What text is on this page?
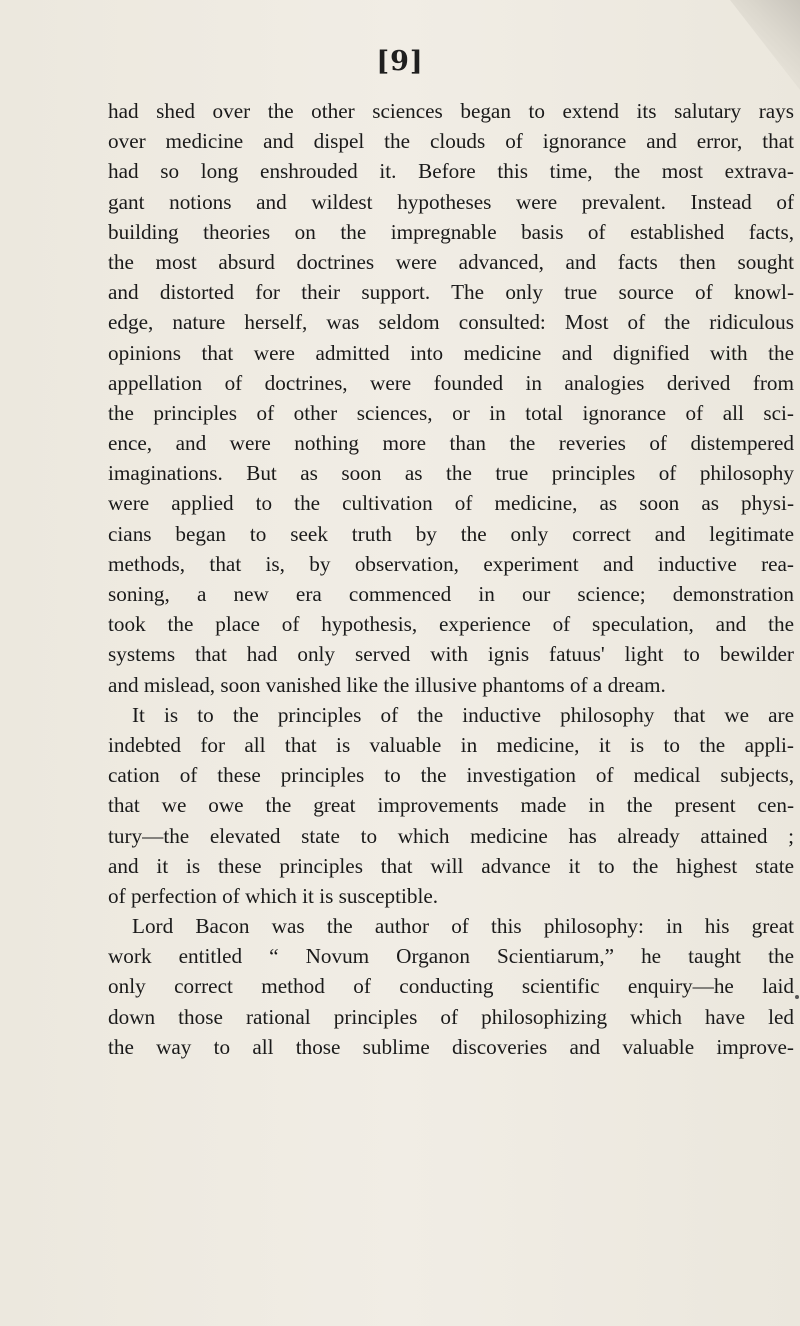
[9]
had shed over the other sciences began to extend its salutary rays
over medicine and dispel the clouds of ignorance and error, that
had so long enshrouded it. Before this time, the most extrava-
gant notions and wildest hypotheses were prevalent. Instead of
building theories on the impregnable basis of established facts,
the most absurd doctrines were advanced, and facts then sought
and distorted for their support. The only true source of knowl-
edge, nature herself, was seldom consulted: Most of the ridiculous
opinions that were admitted into medicine and dignified with the
appellation of doctrines, were founded in analogies derived from
the principles of other sciences, or in total ignorance of all sci-
ence, and were nothing more than the reveries of distempered
imaginations. But as soon as the true principles of philosophy
were applied to the cultivation of medicine, as soon as physi-
cians began to seek truth by the only correct and legitimate
methods, that is, by observation, experiment and inductive rea-
soning, a new era commenced in our science; demonstration
took the place of hypothesis, experience of speculation, and the
systems that had only served with ignis fatuus' light to bewilder
and mislead, soon vanished like the illusive phantoms of a dream.
It is to the principles of the inductive philosophy that we are
indebted for all that is valuable in medicine, it is to the appli-
cation of these principles to the investigation of medical subjects,
that we owe the great improvements made in the present cen-
tury—the elevated state to which medicine has already attained ;
and it is these principles that will advance it to the highest state
of perfection of which it is susceptible.
Lord Bacon was the author of this philosophy: in his great
work entitled “ Novum Organon Scientiarum,” he taught the
only correct method of conducting scientific enquiry—he laid
down those rational principles of philosophizing which have led
the way to all those sublime discoveries and valuable improve-
